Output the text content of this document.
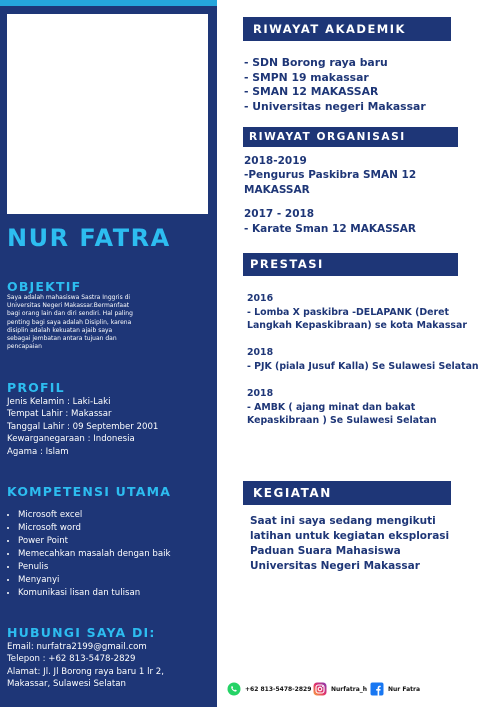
NUR FATRA
OBJEKTIF
Saya adalah mahasiswa Sastra Inggris di
Universitas Negeri Makassar.Bermanfaat
bagi orang lain dan diri sendiri. Hal paling
penting bagi saya adalah Disiplin, karena
disiplin adalah kekuatan ajaib saya
sebagai jembatan antara tujuan dan
pencapaian
PROFIL
Jenis Kelamin : Laki-Laki
Tempat Lahir : Makassar
Tanggal Lahir : 09 September 2001
Kewarganegaraan : Indonesia
Agama : Islam
KOMPETENSI UTAMA
• Microsoft excel
• Microsoft word
• Power Point
• Memecahkan masalah dengan baik
• Penulis
• Menyanyi
• Komunikasi lisan dan tulisan
HUBUNGI SAYA DI:
Email: nurfatra2199@gmail.com
Telepon : +62 813-5478-2829
Alamat: Jl. Jl Borong raya baru 1 lr 2,
Makassar, Sulawesi Selatan
RIWAYAT AKADEMIK
- SDN Borong raya baru
- SMPN 19 makassar
- SMAN 12 MAKASSAR
- Universitas negeri Makassar
RIWAYAT ORGANISASI
2018-2019
-Pengurus Paskibra SMAN 12
MAKASSAR
2017 - 2018
- Karate Sman 12 MAKASSAR
PRESTASI
2016
- Lomba X paskibra -DELAPANK (Deret
Langkah Kepaskibraan) se kota Makassar
2018
- PJK (piala Jusuf Kalla) Se Sulawesi Selatan
2018
- AMBK ( ajang minat dan bakat
Kepaskibraan ) Se Sulawesi Selatan
KEGIATAN
Saat ini saya sedang mengikuti
latihan untuk kegiatan eksplorasi
Paduan Suara Mahasiswa
Universitas Negeri Makassar
+62 813-5478-2829	Nurfatra_h	Nur Fatra
